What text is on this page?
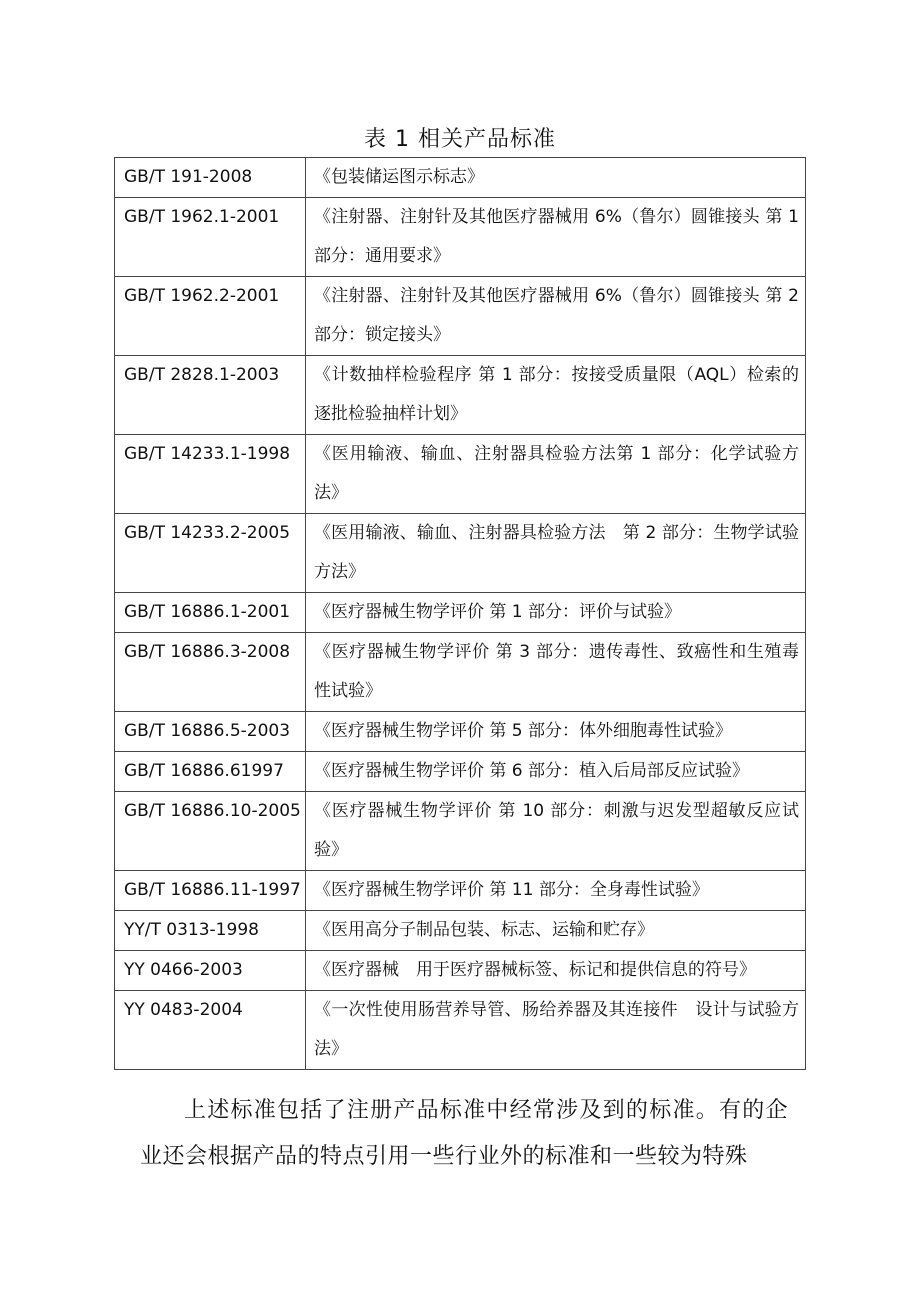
表 1 相关产品标准
GB/T 191-2008	《包装储运图示标志》
GB/T 1962.1-2001	《注射器、注射针及其他医疗器械用 6%（鲁尔）圆锥接头 第 1 部分：通用要求》
GB/T 1962.2-2001	《注射器、注射针及其他医疗器械用 6%（鲁尔）圆锥接头 第 2 部分：锁定接头》
GB/T 2828.1-2003	《计数抽样检验程序 第 1 部分：按接受质量限（AQL）检索的逐批检验抽样计划》
GB/T 14233.1-1998	《医用输液、输血、注射器具检验方法第 1 部分：化学试验方法》
GB/T 14233.2-2005	《医用输液、输血、注射器具检验方法　第 2 部分：生物学试验方法》
GB/T 16886.1-2001	《医疗器械生物学评价 第 1 部分：评价与试验》
GB/T 16886.3-2008	《医疗器械生物学评价 第 3 部分：遗传毒性、致癌性和生殖毒性试验》
GB/T 16886.5-2003	《医疗器械生物学评价 第 5 部分：体外细胞毒性试验》
GB/T 16886.61997	《医疗器械生物学评价 第 6 部分：植入后局部反应试验》
GB/T 16886.10-2005	《医疗器械生物学评价 第 10 部分：刺激与迟发型超敏反应试验》
GB/T 16886.11-1997	《医疗器械生物学评价 第 11 部分：全身毒性试验》
YY/T 0313-1998	《医用高分子制品包装、标志、运输和贮存》
YY 0466-2003	《医疗器械　用于医疗器械标签、标记和提供信息的符号》
YY 0483-2004	《一次性使用肠营养导管、肠给养器及其连接件　设计与试验方法》

上述标准包括了注册产品标准中经常涉及到的标准。有的企业还会根据产品的特点引用一些行业外的标准和一些较为特殊
